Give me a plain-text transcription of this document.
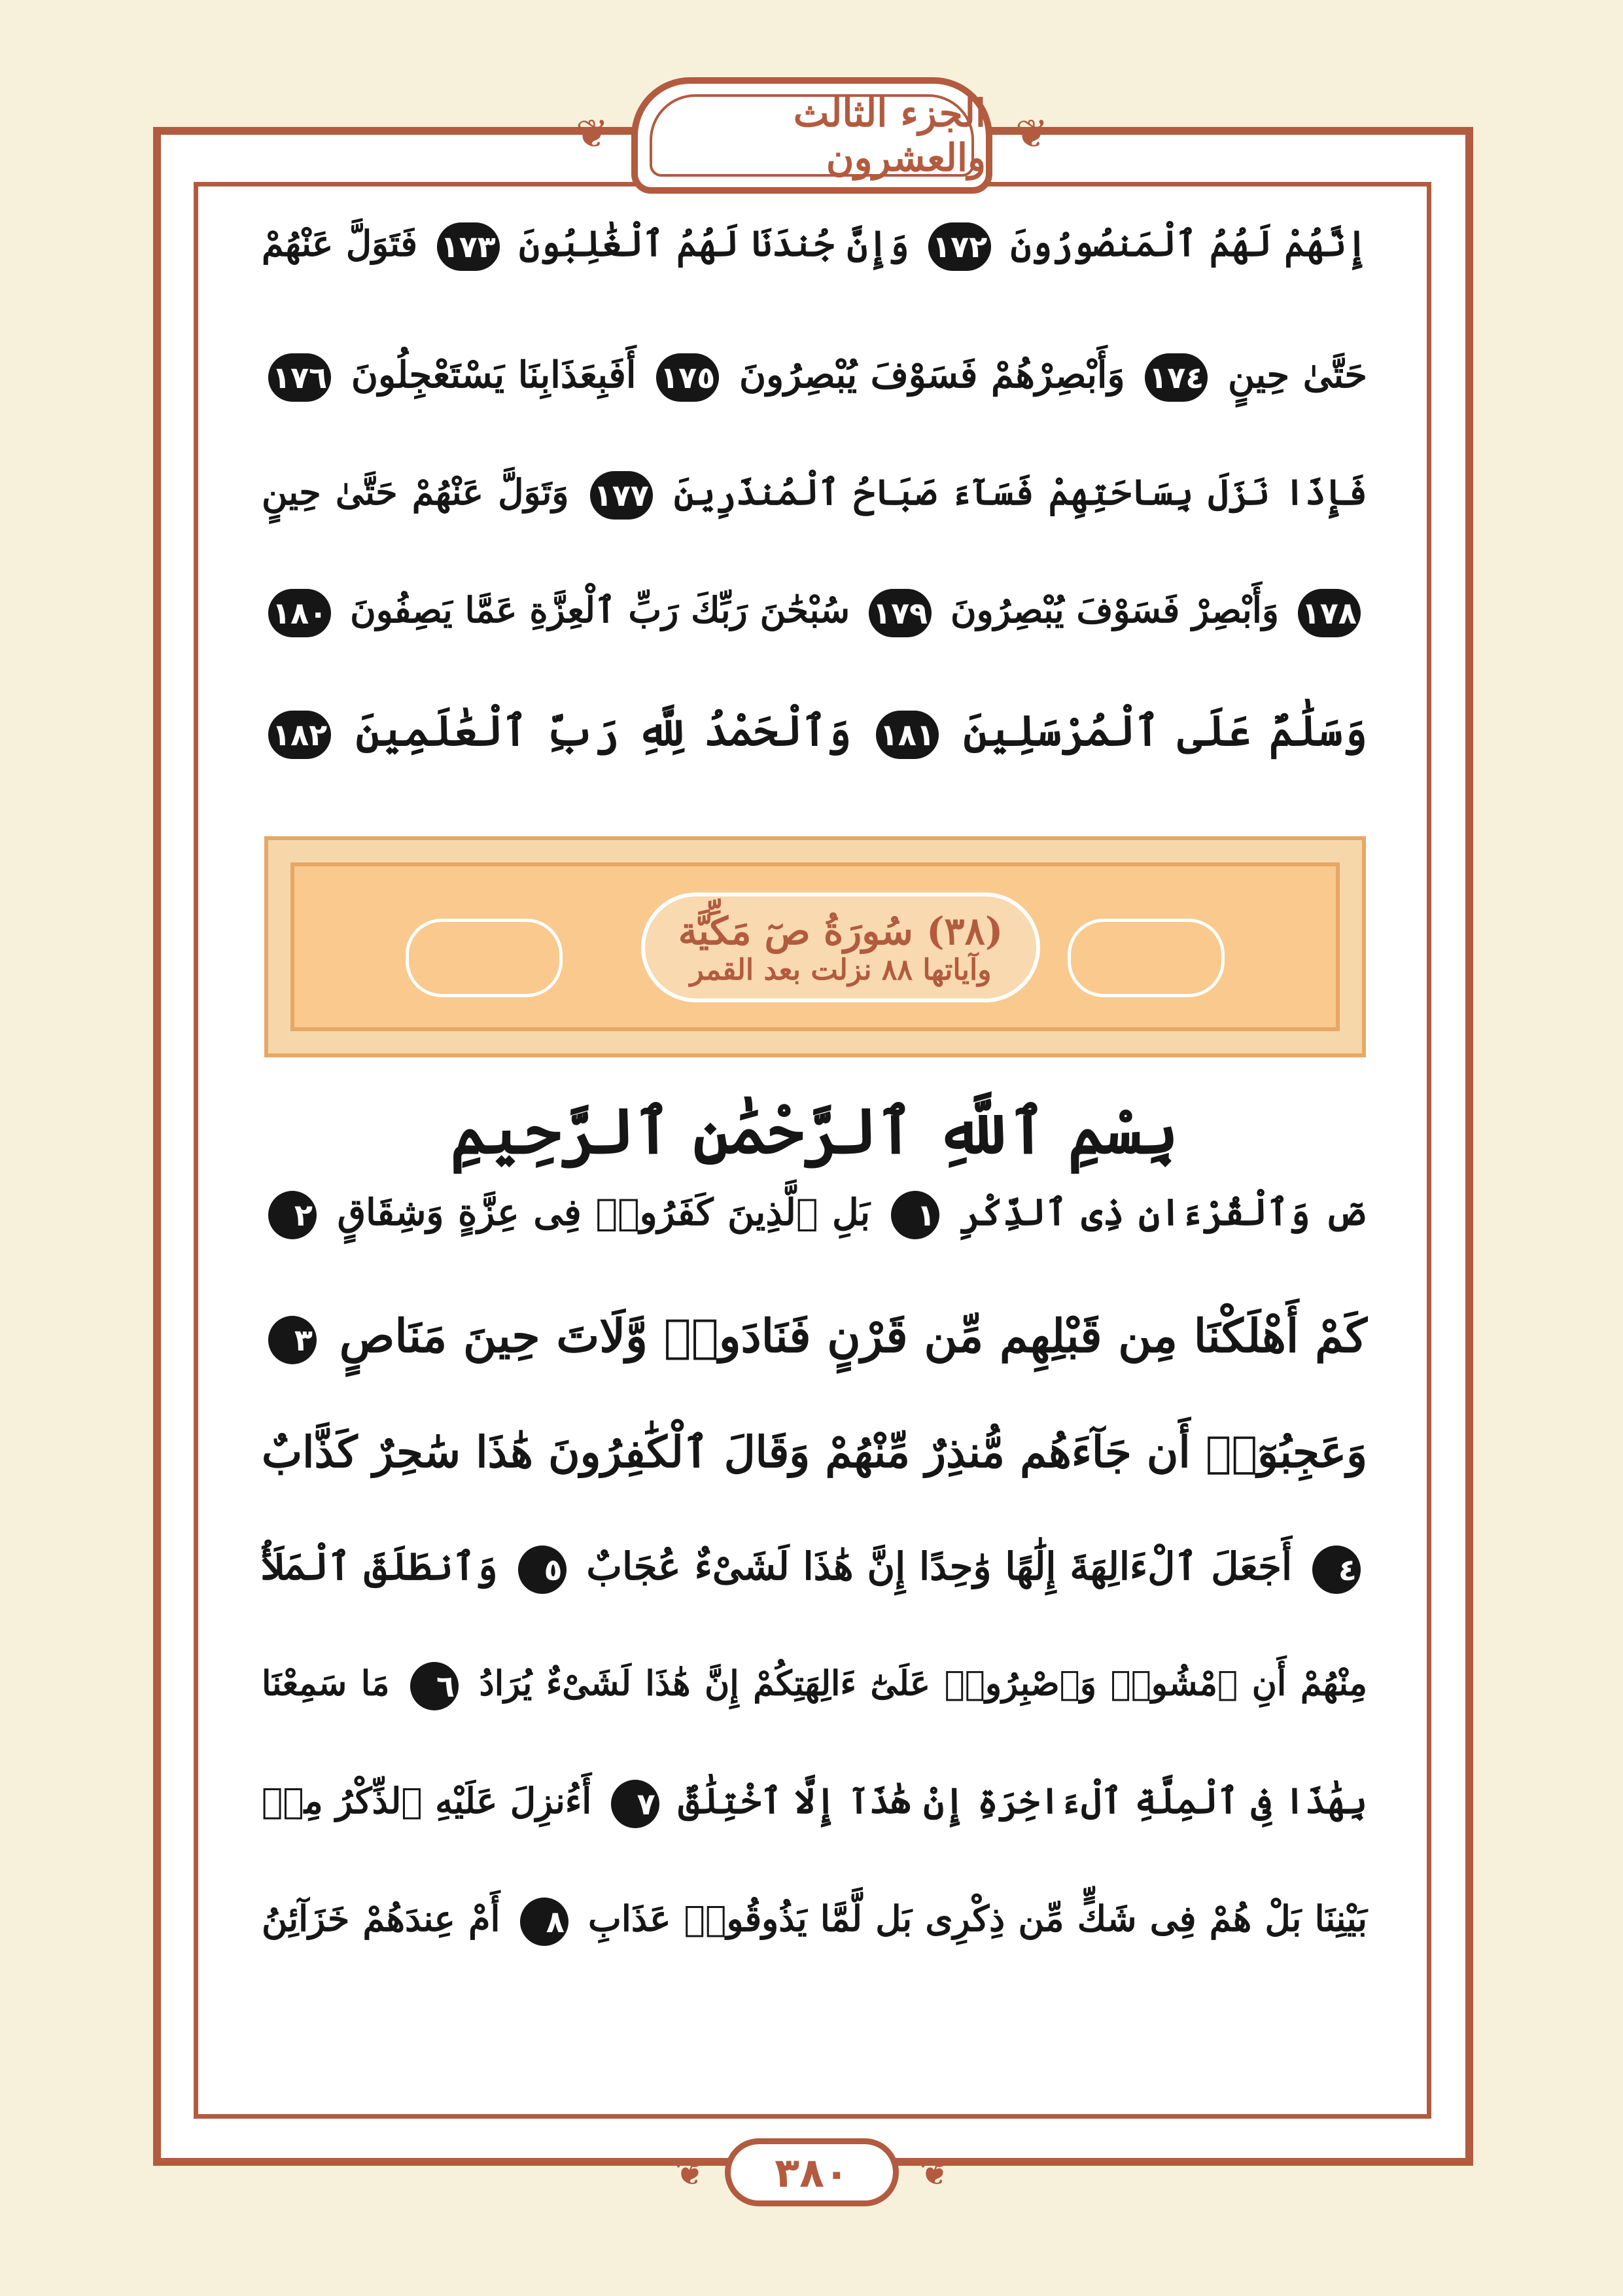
❦	❦
الجزء الثالث والعشرون
إِنَّهُمْ لَهُمُ ٱلْمَنصُورُونَ ١٧٢ وَإِنَّ جُندَنَا لَهُمُ ٱلْغَٰلِبُونَ ١٧٣ فَتَوَلَّ عَنْهُمْ
حَتَّىٰ حِينٍ ١٧٤ وَأَبْصِرْهُمْ فَسَوْفَ يُبْصِرُونَ ١٧٥ أَفَبِعَذَابِنَا يَسْتَعْجِلُونَ ١٧٦
فَإِذَا نَزَلَ بِسَاحَتِهِمْ فَسَآءَ صَبَاحُ ٱلْمُنذَرِينَ ١٧٧ وَتَوَلَّ عَنْهُمْ حَتَّىٰ حِينٍ
١٧٨ وَأَبْصِرْ فَسَوْفَ يُبْصِرُونَ ١٧٩ سُبْحَٰنَ رَبِّكَ رَبِّ ٱلْعِزَّةِ عَمَّا يَصِفُونَ ١٨٠
وَسَلَٰمٌ عَلَى ٱلْمُرْسَلِينَ ١٨١ وَٱلْحَمْدُ لِلَّهِ رَبِّ ٱلْعَٰلَمِينَ ١٨٢
(٣٨) سُورَةُ صٓ مَكِّيَّة
وآياتها ٨٨ نزلت بعد القمر
بِسْمِ ٱللَّهِ ٱلرَّحْمَٰنِ ٱلرَّحِيمِ
صٓ وَٱلْقُرْءَانِ ذِى ٱلذِّكْرِ ١ بَلِ ٱلَّذِينَ كَفَرُوا۟ فِى عِزَّةٍ وَشِقَاقٍ ٢
كَمْ أَهْلَكْنَا مِن قَبْلِهِم مِّن قَرْنٍ فَنَادَوا۟ وَّلَاتَ حِينَ مَنَاصٍ ٣
وَعَجِبُوٓا۟ أَن جَآءَهُم مُّنذِرٌ مِّنْهُمْ وَقَالَ ٱلْكَٰفِرُونَ هَٰذَا سَٰحِرٌ كَذَّابٌ
٤ أَجَعَلَ ٱلْءَالِهَةَ إِلَٰهًا وَٰحِدًا إِنَّ هَٰذَا لَشَىْءٌ عُجَابٌ ٥ وَٱنطَلَقَ ٱلْمَلَأُ
مِنْهُمْ أَنِ ٱمْشُوا۟ وَٱصْبِرُوا۟ عَلَىٰٓ ءَالِهَتِكُمْ إِنَّ هَٰذَا لَشَىْءٌ يُرَادُ ٦ مَا سَمِعْنَا
بِهَٰذَا فِى ٱلْمِلَّةِ ٱلْءَاخِرَةِ إِنْ هَٰذَآ إِلَّا ٱخْتِلَٰقٌ ٧ أَءُنزِلَ عَلَيْهِ ٱلذِّكْرُ مِنۢ
بَيْنِنَا بَلْ هُمْ فِى شَكٍّ مِّن ذِكْرِى بَل لَّمَّا يَذُوقُوا۟ عَذَابِ ٨ أَمْ عِندَهُمْ خَزَآئِنُ
❦	❦
٣٨٠
